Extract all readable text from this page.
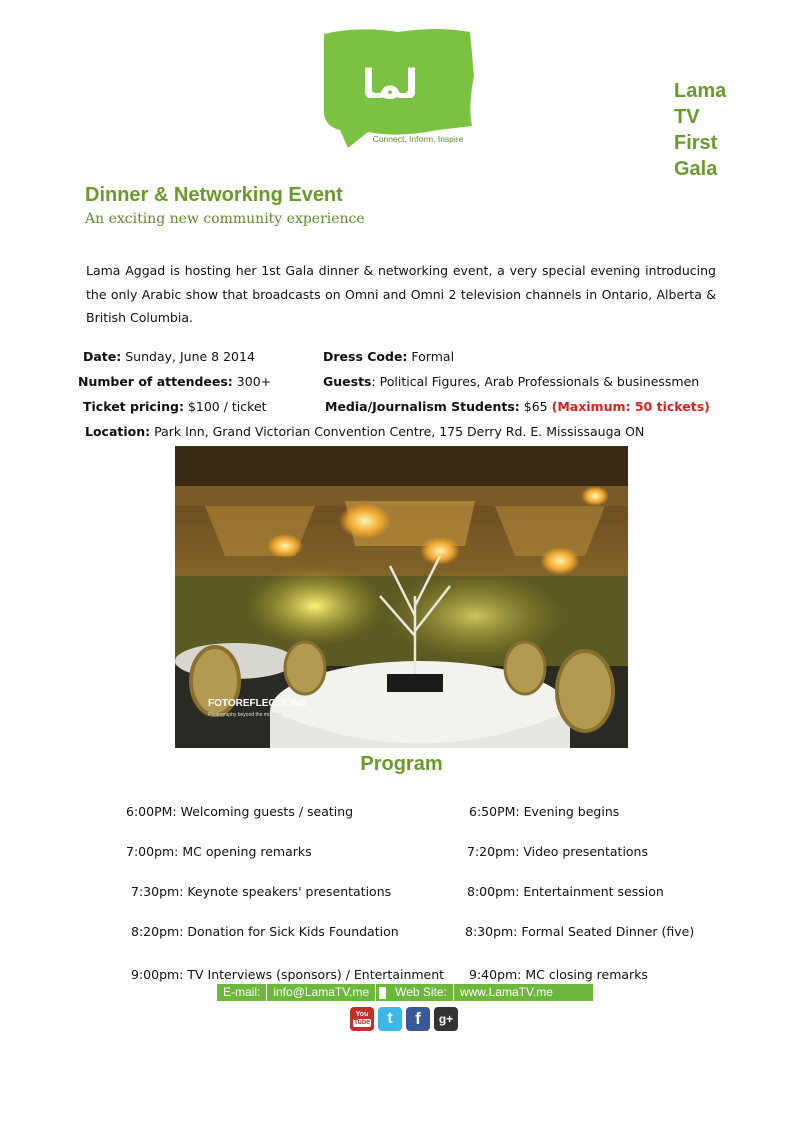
لما
Connect, Inform, Inspire
Lama
TV
First
Gala
Dinner & Networking Event
An exciting new community experience
Lama Aggad is hosting her 1st Gala dinner & networking event, a very special evening introducing the only Arabic show that broadcasts on Omni and Omni 2 television channels in Ontario, Alberta & British Columbia.
Date: Sunday, June 8 2014	Dress Code: Formal
Number of attendees: 300+	Guests: Political Figures, Arab Professionals & businessmen
Ticket pricing: $100 / ticket	Media/Journalism Students: $65 (Maximum: 50 tickets)
Location: Park Inn, Grand Victorian Convention Centre, 175 Derry Rd. E. Mississauga ON
FOTOREFLECTIONS
Photography beyond the moment
Program
6:00PM: Welcoming guests / seating	6:50PM: Evening begins
7:00pm: MC opening remarks	7:20pm: Video presentations
7:30pm: Keynote speakers' presentations	8:00pm: Entertainment session
8:20pm: Donation for Sick Kids Foundation	8:30pm: Formal Seated Dinner (five)
9:00pm: TV Interviews (sponsors) / Entertainment 9:40pm: MC closing remarks
E-mail:	info@LamaTV.me	Web Site:	www.LamaTV.me
You
Tube t f g+
